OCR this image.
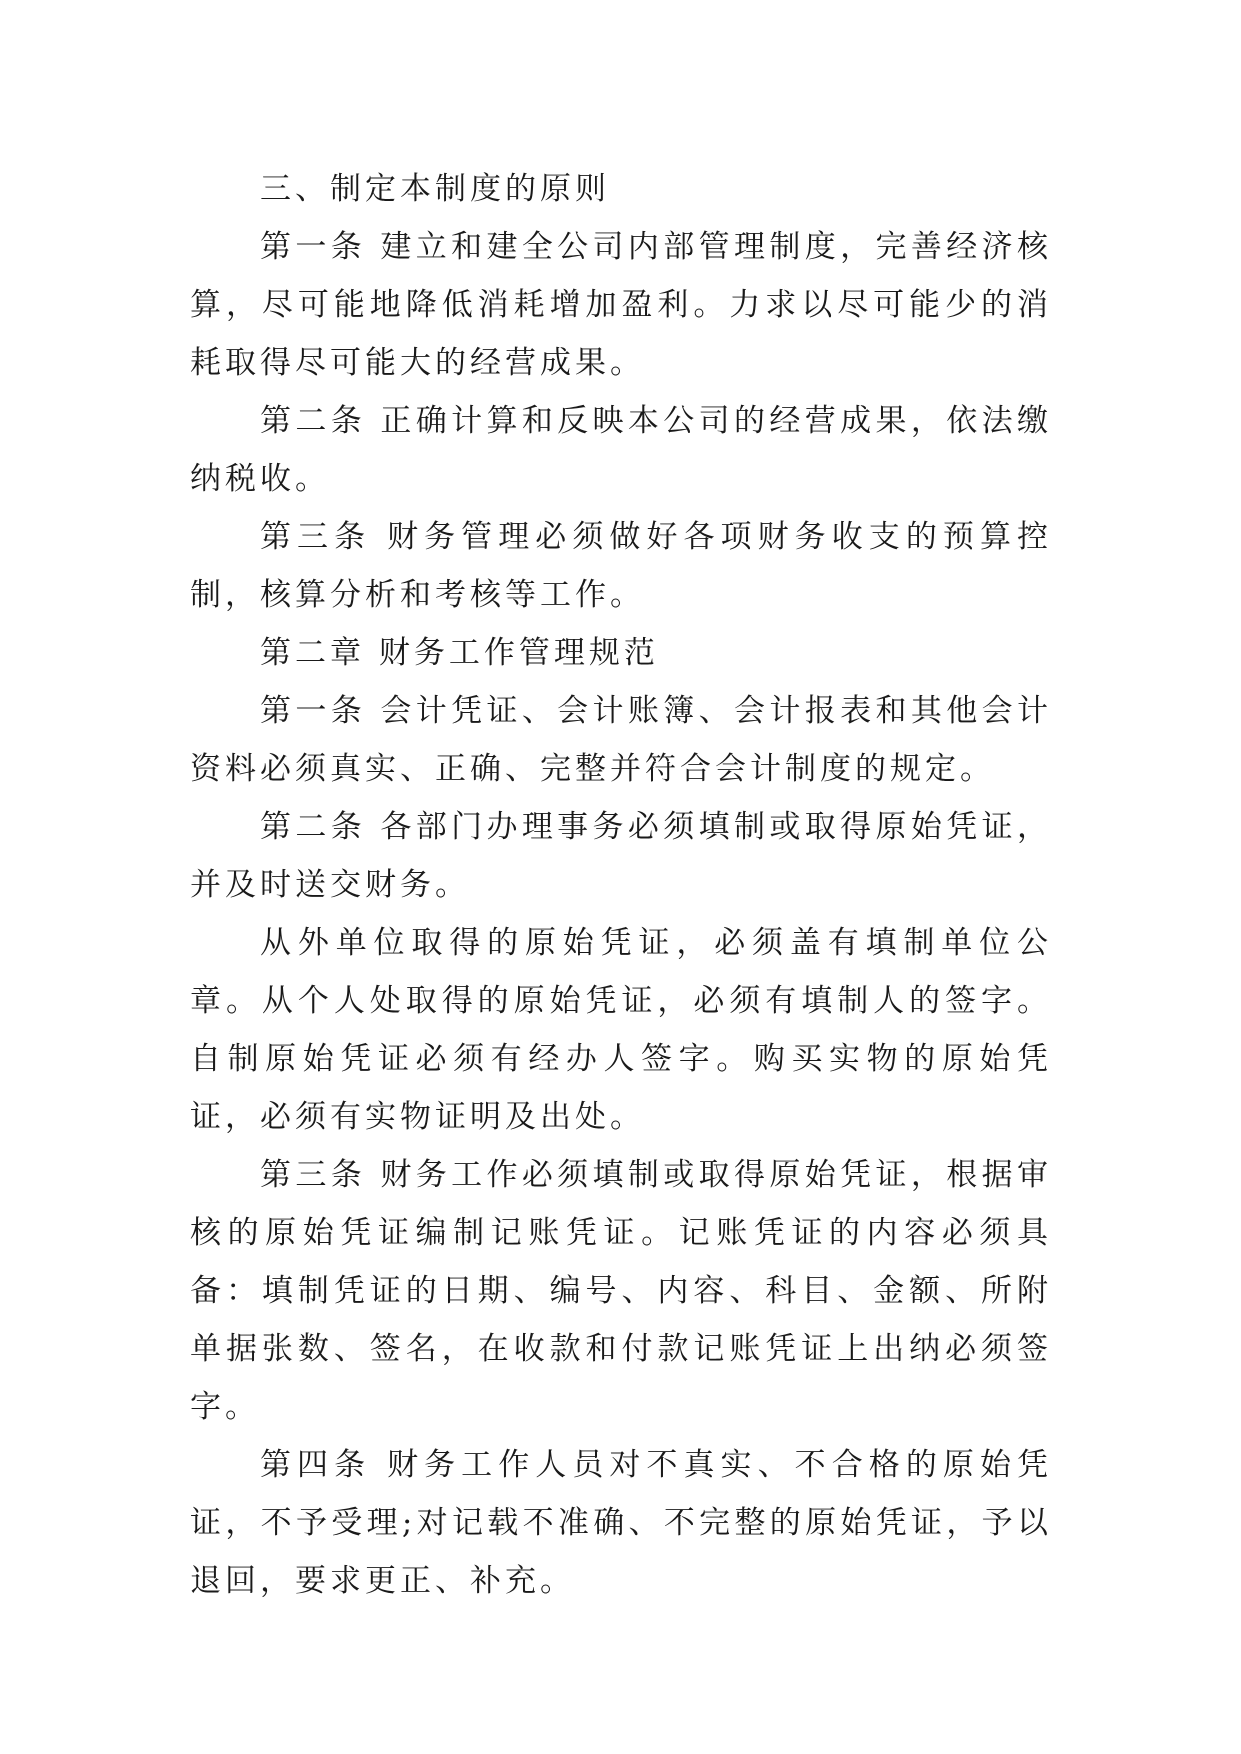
三、制定本制度的原则

第一条 建立和建全公司内部管理制度，完善经济核算，尽可能地降低消耗增加盈利。力求以尽可能少的消耗取得尽可能大的经营成果。

第二条 正确计算和反映本公司的经营成果，依法缴纳税收。

第三条 财务管理必须做好各项财务收支的预算控制，核算分析和考核等工作。

第二章 财务工作管理规范

第一条 会计凭证、会计账簿、会计报表和其他会计资料必须真实、正确、完整并符合会计制度的规定。

第二条 各部门办理事务必须填制或取得原始凭证，并及时送交财务。

从外单位取得的原始凭证，必须盖有填制单位公章。从个人处取得的原始凭证，必须有填制人的签字。自制原始凭证必须有经办人签字。购买实物的原始凭证，必须有实物证明及出处。

第三条 财务工作必须填制或取得原始凭证，根据审核的原始凭证编制记账凭证。记账凭证的内容必须具备：填制凭证的日期、编号、内容、科目、金额、所附单据张数、签名，在收款和付款记账凭证上出纳必须签字。

第四条 财务工作人员对不真实、不合格的原始凭证，不予受理;对记载不准确、不完整的原始凭证，予以退回，要求更正、补充。
